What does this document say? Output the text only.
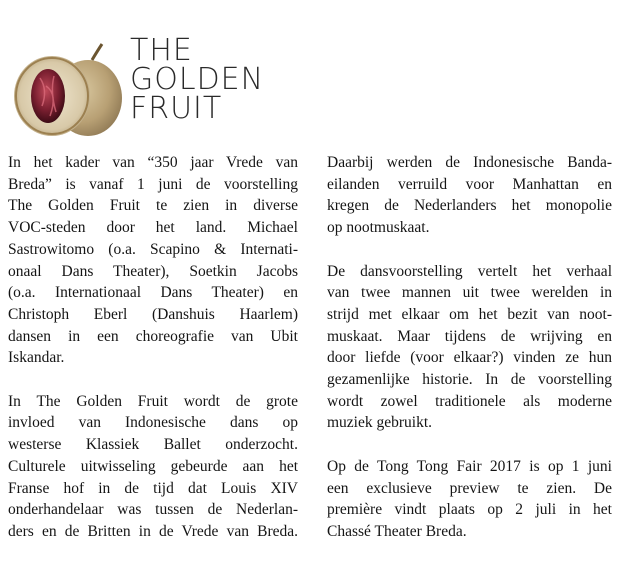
THE
GOLDEN
FRUIT

In het kader van “350 jaar Vrede van
Breda” is vanaf 1 juni de voorstelling
The Golden Fruit te zien in diverse
VOC-steden door het land. Michael
Sastrowitomo (o.a. Scapino & Internati-
onaal Dans Theater), Soetkin Jacobs
(o.a. Internationaal Dans Theater) en
Christoph Eberl (Danshuis Haarlem)
dansen in een choreografie van Ubit
Iskandar.

In The Golden Fruit wordt de grote
invloed van Indonesische dans op
westerse Klassiek Ballet onderzocht.
Culturele uitwisseling gebeurde aan het
Franse hof in de tijd dat Louis XIV
onderhandelaar was tussen de Nederlan-
ders en de Britten in de Vrede van Breda.

Daarbij werden de Indonesische Banda-
eilanden verruild voor Manhattan en
kregen de Nederlanders het monopolie
op nootmuskaat.

De dansvoorstelling vertelt het verhaal
van twee mannen uit twee werelden in
strijd met elkaar om het bezit van noot-
muskaat. Maar tijdens de wrijving en
door liefde (voor elkaar?) vinden ze hun
gezamenlijke historie. In de voorstelling
wordt zowel traditionele als moderne
muziek gebruikt.

Op de Tong Tong Fair 2017 is op 1 juni
een exclusieve preview te zien. De
première vindt plaats op 2 juli in het
Chassé Theater Breda.
